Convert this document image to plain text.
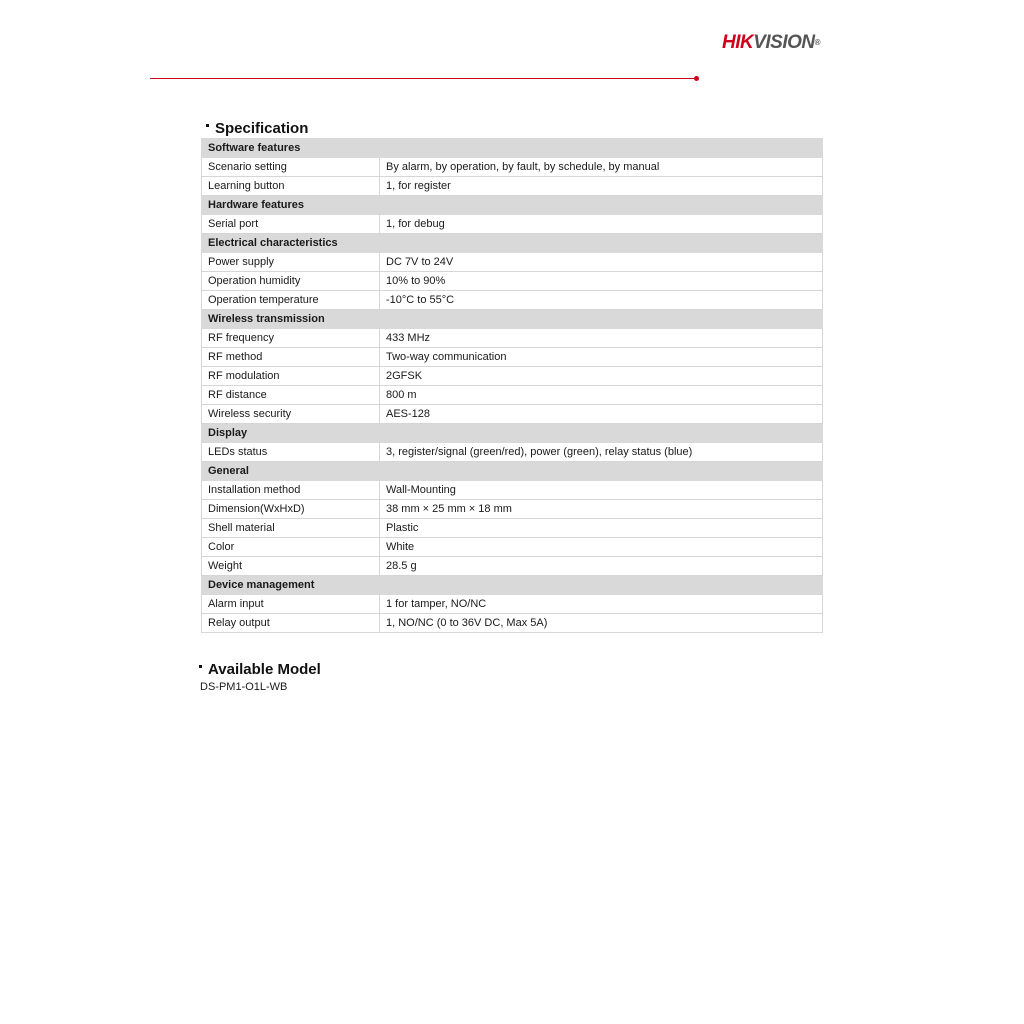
HIKVISION®
Specification
Software features	
Scenario setting	By alarm, by operation, by fault, by schedule, by manual
Learning button	1, for register
Hardware features	
Serial port	1, for debug
Electrical characteristics	
Power supply	DC 7V to 24V
Operation humidity	10% to 90%
Operation temperature	-10°C to 55°C
Wireless transmission	
RF frequency	433 MHz
RF method	Two-way communication
RF modulation	2GFSK
RF distance	800 m
Wireless security	AES-128
Display	
LEDs status	3, register/signal (green/red), power (green), relay status (blue)
General	
Installation method	Wall-Mounting
Dimension(WxHxD)	38 mm × 25 mm × 18 mm
Shell material	Plastic
Color	White
Weight	28.5 g
Device management	
Alarm input	1 for tamper, NO/NC
Relay output	1, NO/NC (0 to 36V DC, Max 5A)
Available Model
DS-PM1-O1L-WB
